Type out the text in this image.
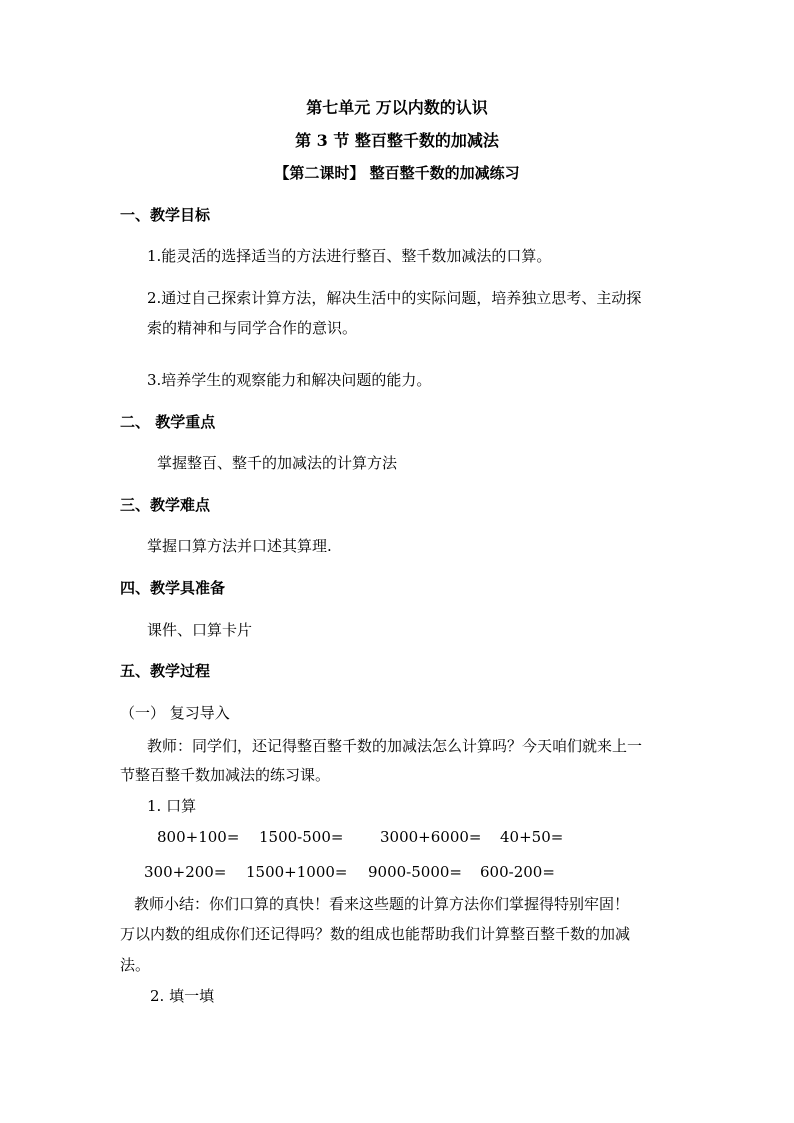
第七单元 万以内数的认识
第 3 节 整百整千数的加减法
【第二课时】 整百整千数的加减练习
一、教学目标
1.能灵活的选择适当的方法进行整百、整千数加减法的口算。
2.通过自己探索计算方法，解决生活中的实际问题，培养独立思考、主动探
索的精神和与同学合作的意识。
3.培养学生的观察能力和解决问题的能力。
二、 教学重点
掌握整百、整千的加减法的计算方法
三、教学难点
掌握口算方法并口述其算理.
四、教学具准备
课件、口算卡片
五、教学过程
（一） 复习导入
教师：同学们，还记得整百整千数的加减法怎么计算吗？今天咱们就来上一
节整百整千数加减法的练习课。
1. 口算
800+100= 1500-500= 3000+6000= 40+50=
300+200= 1500+1000= 9000-5000= 600-200=
教师小结：你们口算的真快！看来这些题的计算方法你们掌握得特别牢固！
万以内数的组成你们还记得吗？数的组成也能帮助我们计算整百整千数的加减
法。
2. 填一填
